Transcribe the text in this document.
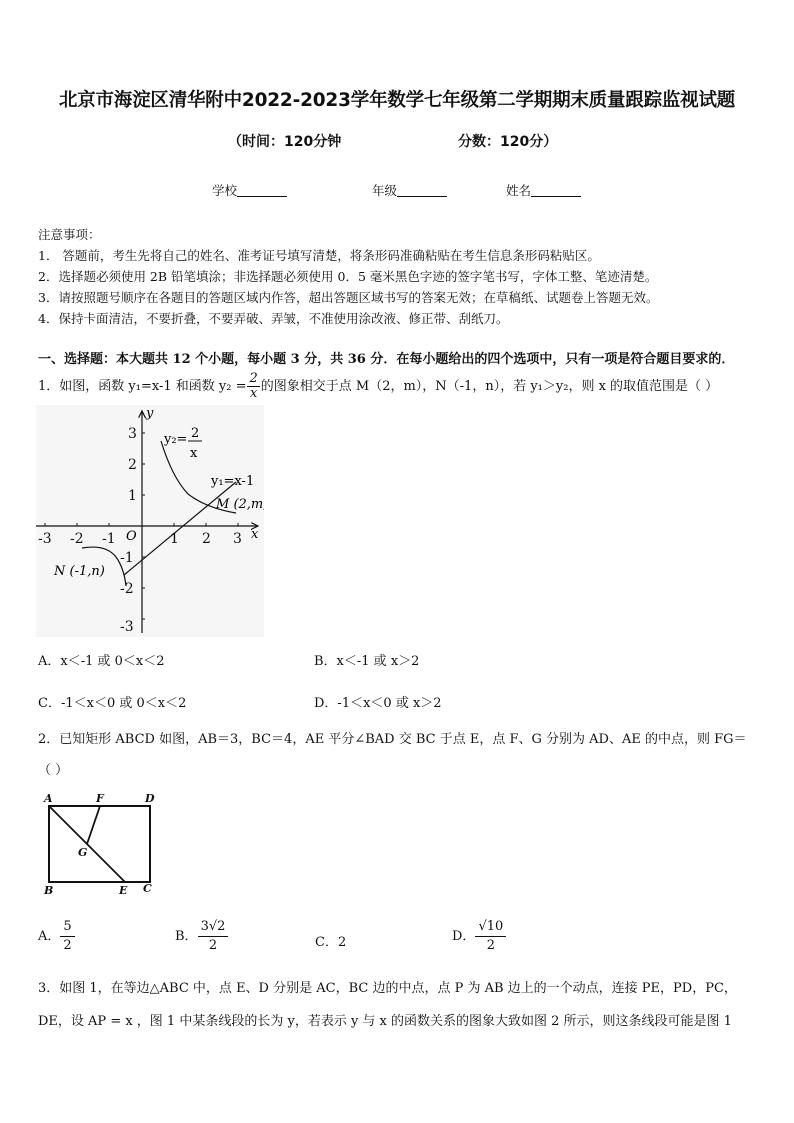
北京市海淀区清华附中2022-2023学年数学七年级第二学期期末质量跟踪监视试题
（时间：120分钟	分数：120分）
学校	年级	姓名
注意事项：
1． 答题前，考生先将自己的姓名、准考证号填写清楚，将条形码准确粘贴在考生信息条形码粘贴区。
2．选择题必须使用 2B 铅笔填涂；非选择题必须使用 0．5 毫米黑色字迹的签字笔书写，字体工整、笔迹清楚。
3．请按照题号顺序在各题目的答题区域内作答，超出答题区域书写的答案无效；在草稿纸、试题卷上答题无效。
4．保持卡面清洁，不要折叠，不要弄破、弄皱，不准使用涂改液、修正带、刮纸刀。
一、选择题：本大题共 12 个小题，每小题 3 分，共 36 分．在每小题给出的四个选项中，只有一项是符合题目要求的．
1．如图，函数 y₁=x-1 和函数 $y_2 = \frac{2}{x}$ 的图象相交于点 M（2，m），N（-1，n），若 y₁＞y₂，则 x 的取值范围是（ ）
-3 -2 -1	1 2 3
3
2
1
-1
-2
-3
y
x
O
y₂= 2
x
y₁=x-1
M (2,m)
N (-1,n)
A．x＜-1 或 0＜x＜2	B．x＜-1 或 x＞2
C．-1＜x＜0 或 0＜x＜2	D．-1＜x＜0 或 x＞2
2．已知矩形 ABCD 如图，AB＝3，BC＝4，AE 平分∠BAD 交 BC 于点 E，点 F、G 分别为 AD、AE 的中点，则 FG＝
（ ）
A	F	D
G
B	E C
A． $\frac{5}{2}$	B． $\frac{3√2}{2}$	C．2	D． $\frac{√10}{2}$
3．如图 1，在等边△ABC 中，点 E、D 分别是 AC，BC 边的中点，点 P 为 AB 边上的一个动点，连接 PE，PD，PC，
DE，设 AP = x ，图 1 中某条线段的长为 y，若表示 y 与 x 的函数关系的图象大致如图 2 所示，则这条线段可能是图 1
